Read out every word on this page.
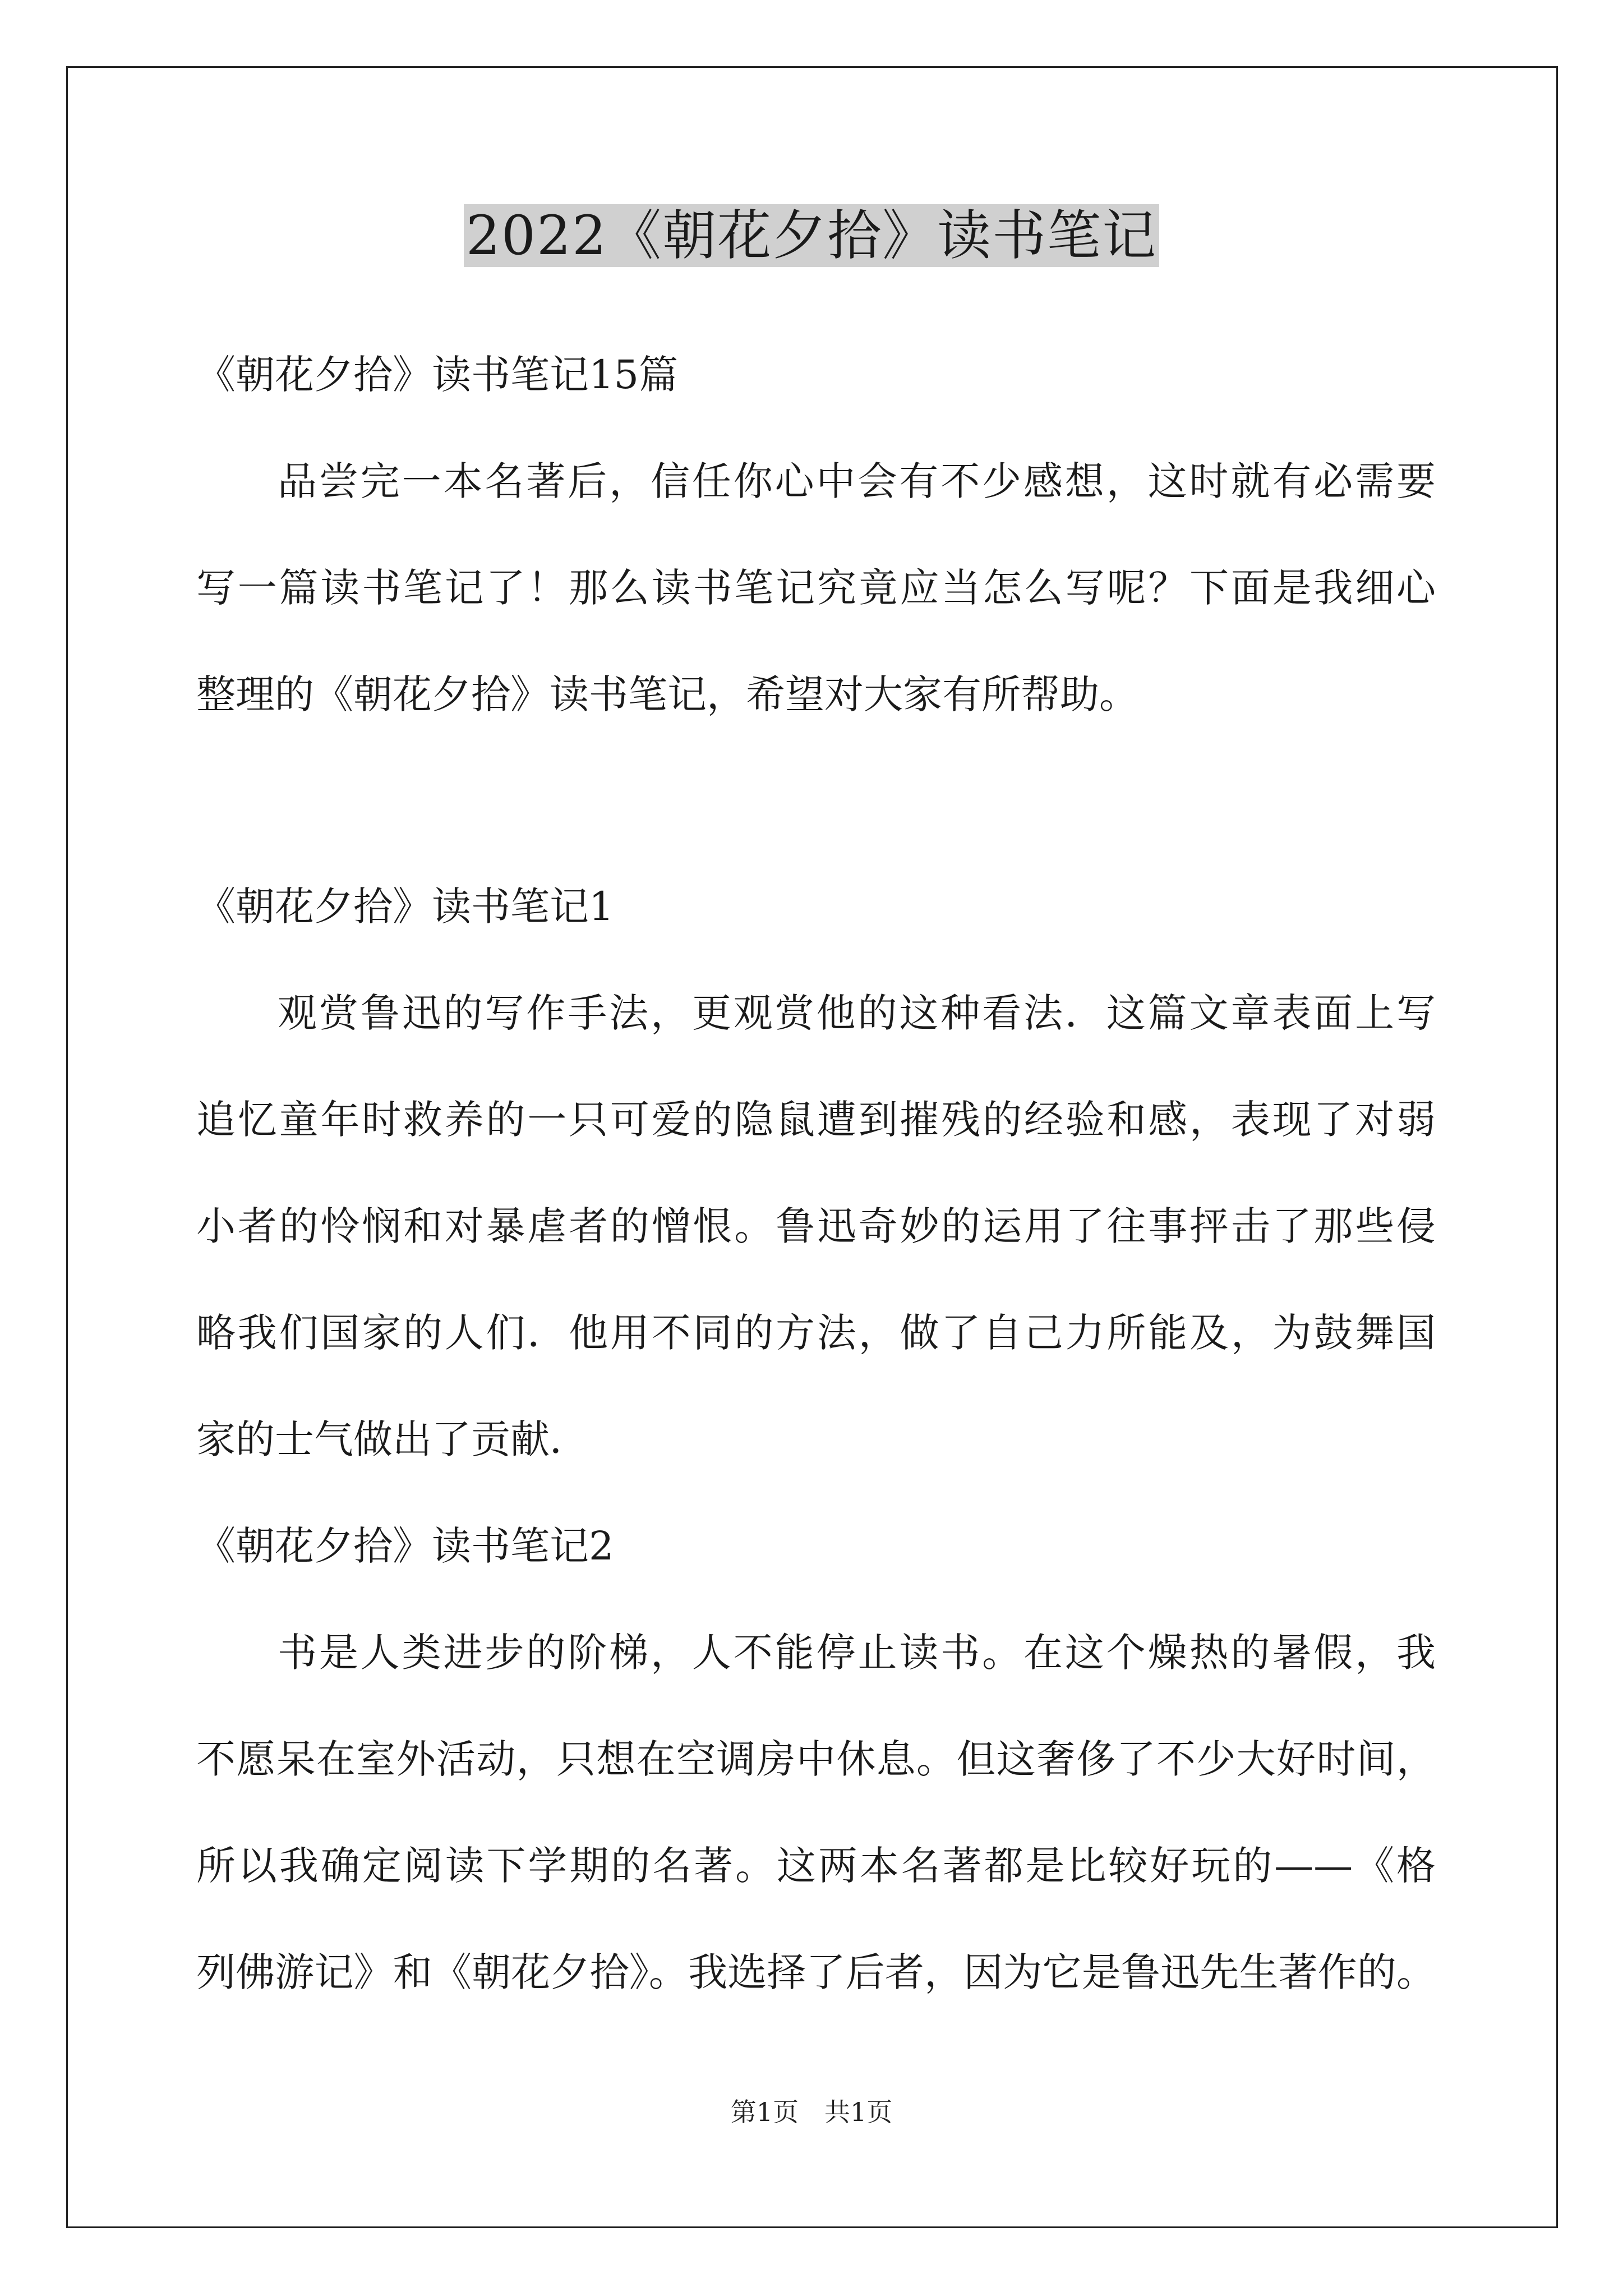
2022《朝花夕拾》读书笔记
《朝花夕拾》读书笔记15篇
品尝完一本名著后，信任你心中会有不少感想，这时就有必需要
写一篇读书笔记了！那么读书笔记究竟应当怎么写呢？下面是我细心
整理的《朝花夕拾》读书笔记，希望对大家有所帮助。
《朝花夕拾》读书笔记1
观赏鲁迅的写作手法，更观赏他的这种看法．这篇文章表面上写
追忆童年时救养的一只可爱的隐鼠遭到摧残的经验和感，表现了对弱
小者的怜悯和对暴虐者的憎恨。鲁迅奇妙的运用了往事抨击了那些侵
略我们国家的人们．他用不同的方法，做了自己力所能及，为鼓舞国
家的士气做出了贡献．
《朝花夕拾》读书笔记2
书是人类进步的阶梯，人不能停止读书。在这个燥热的暑假，我
不愿呆在室外活动，只想在空调房中休息。但这奢侈了不少大好时间，
所以我确定阅读下学期的名著。这两本名著都是比较好玩的——《格
列佛游记》和《朝花夕拾》。我选择了后者，因为它是鲁迅先生著作的。
第1页　共1页
